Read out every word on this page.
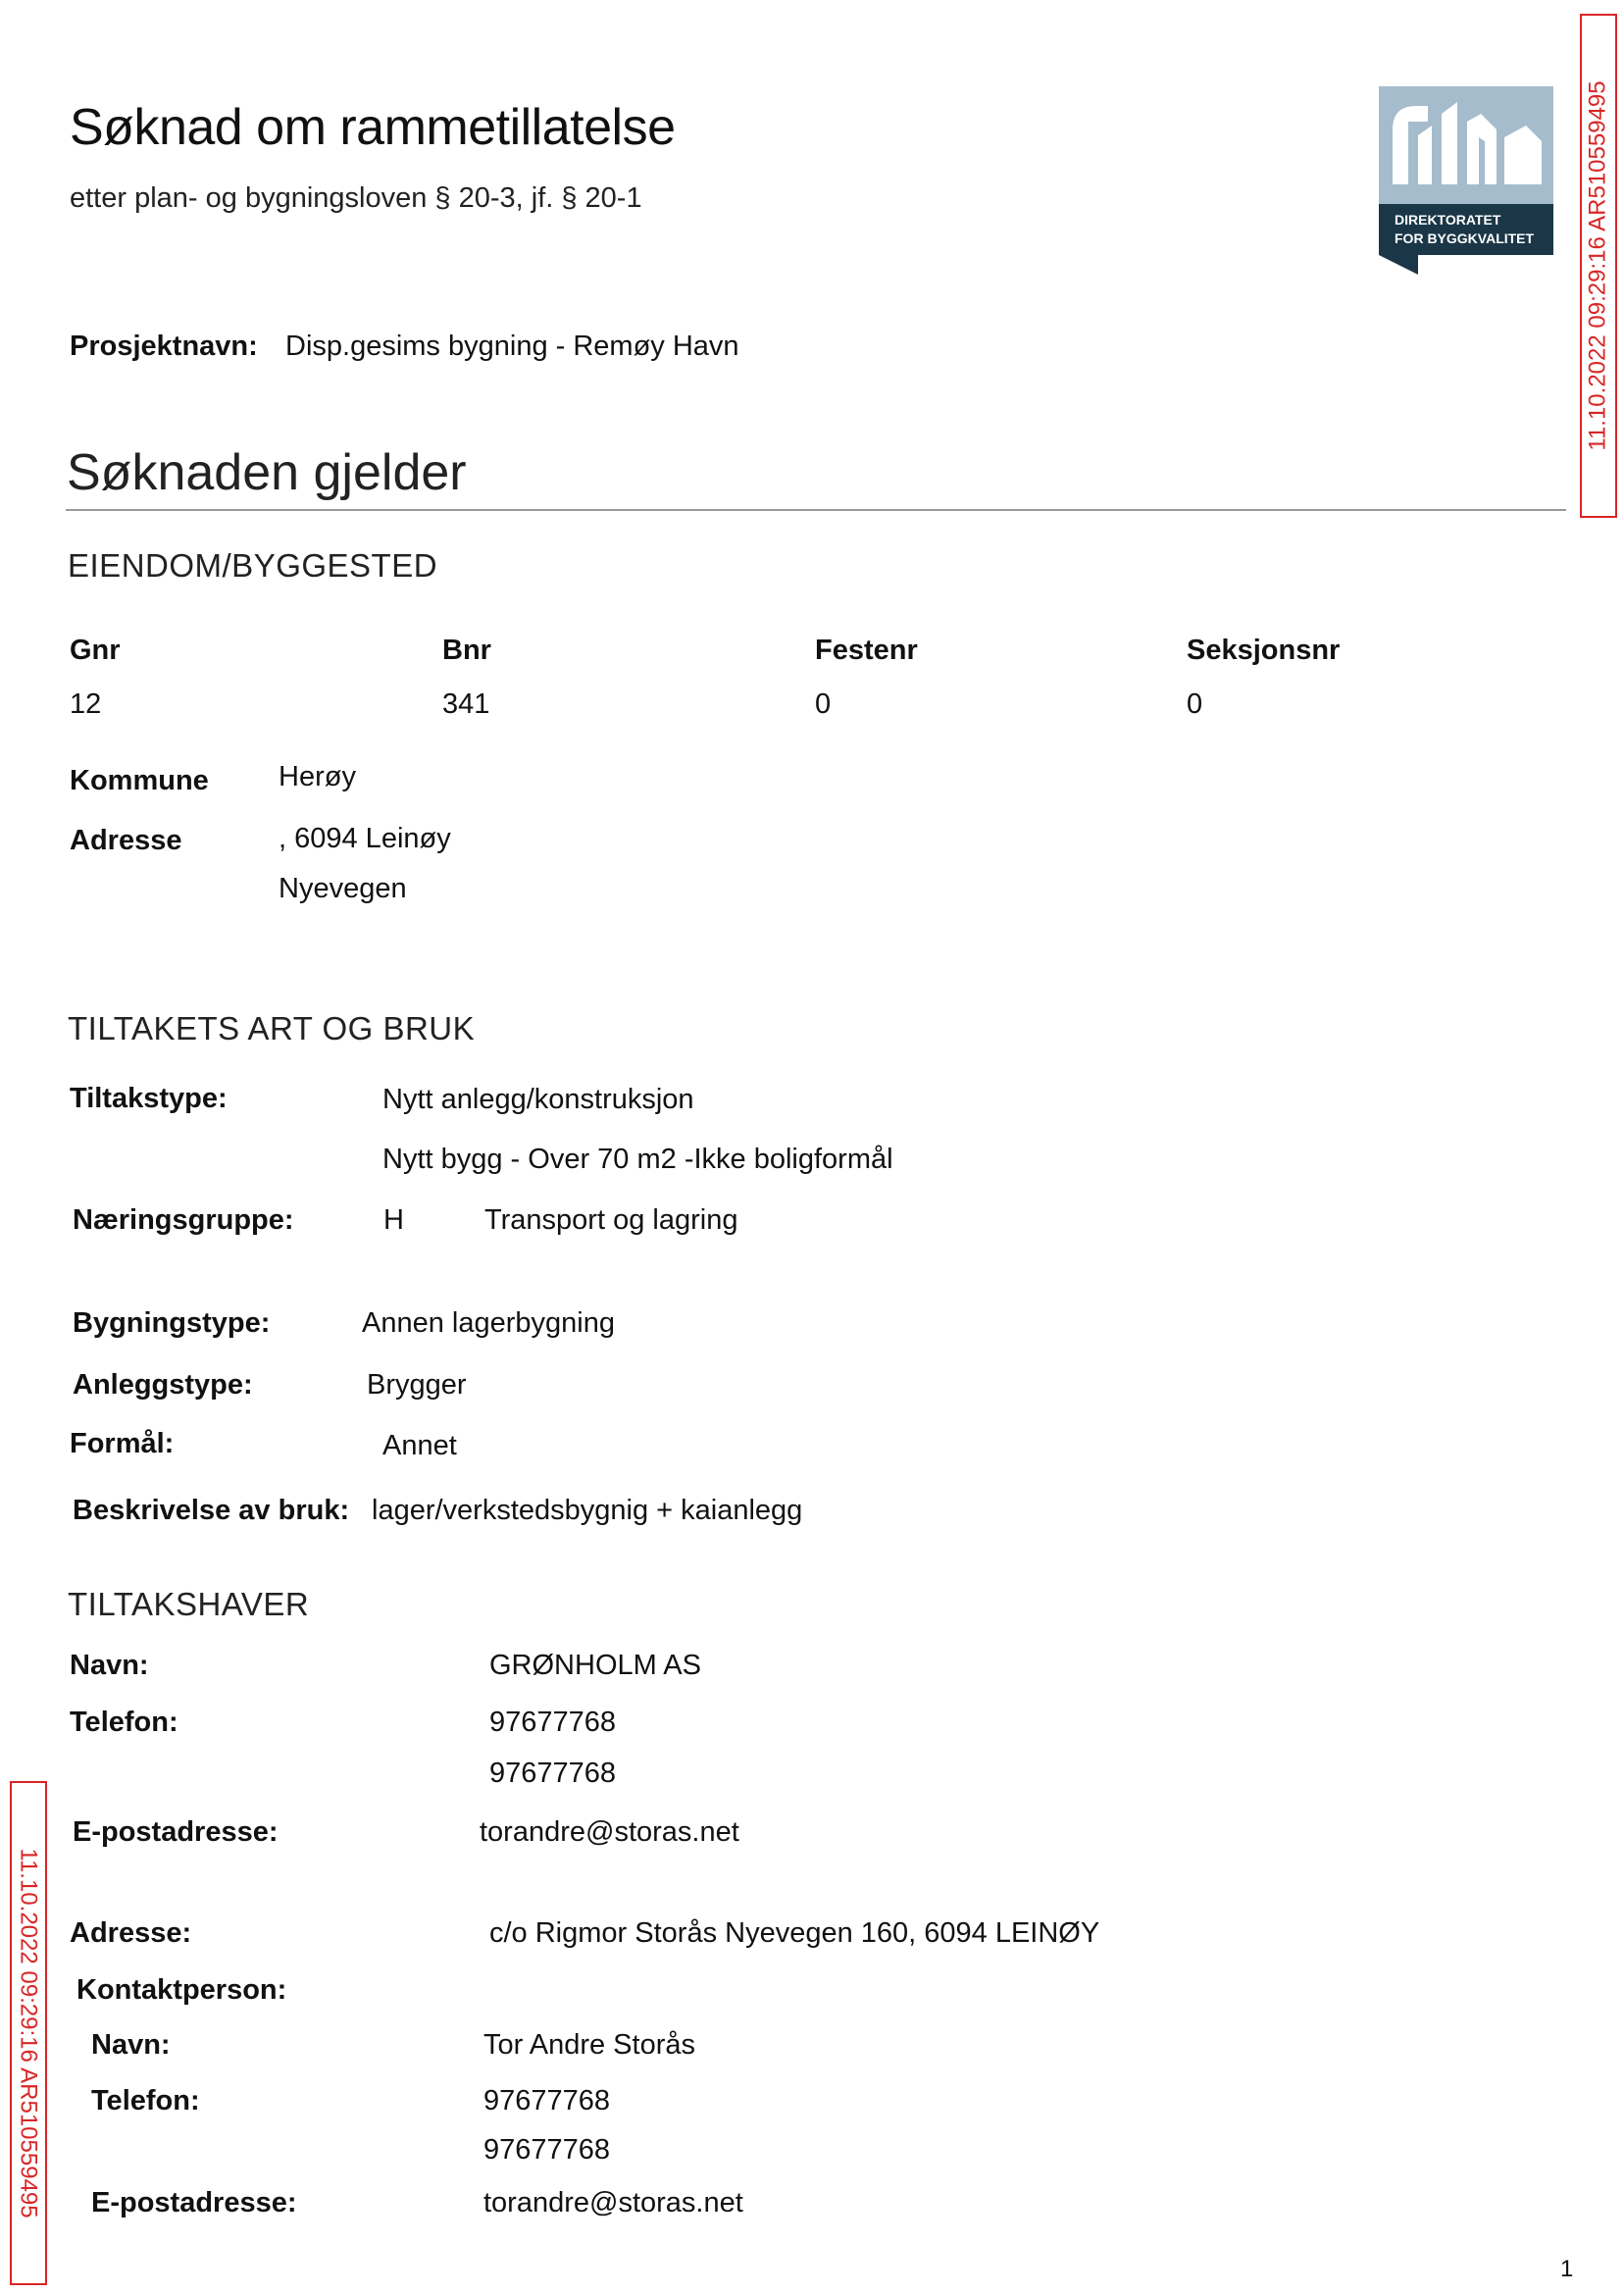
Søknad om rammetillatelse
etter plan- og bygningsloven § 20-3, jf. § 20-1
DIREKTORATET
FOR BYGGKVALITET 11.10.2022 09:29:16 AR510559495
11.10.2022 09:29:16 AR510559495
Prosjektnavn: Disp.gesims bygning - Remøy Havn
Søknaden gjelder
EIENDOM/BYGGESTED
Gnr	Bnr	Festenr	Seksjonsnr
12	341	0	0
Kommune Herøy
Adresse	, 6094 Leinøy
Nyevegen
TILTAKETS ART OG BRUK
Tiltakstype:	Nytt anlegg/konstruksjon
Nytt bygg - Over 70 m2 -Ikke boligformål
Næringsgruppe:	H	Transport og lagring
Bygningstype:	Annen lagerbygning
Anleggstype:	Brygger
Formål:	Annet
Beskrivelse av bruk: lager/verkstedsbygnig + kaianlegg
TILTAKSHAVER
Navn:	GRØNHOLM AS
Telefon:	97677768
97677768
E-postadresse:	torandre@storas.net
Adresse:	c/o Rigmor Storås Nyevegen 160, 6094 LEINØY
Kontaktperson:
Navn:	Tor Andre Storås
Telefon:	97677768
97677768
E-postadresse:	torandre@storas.net
1
